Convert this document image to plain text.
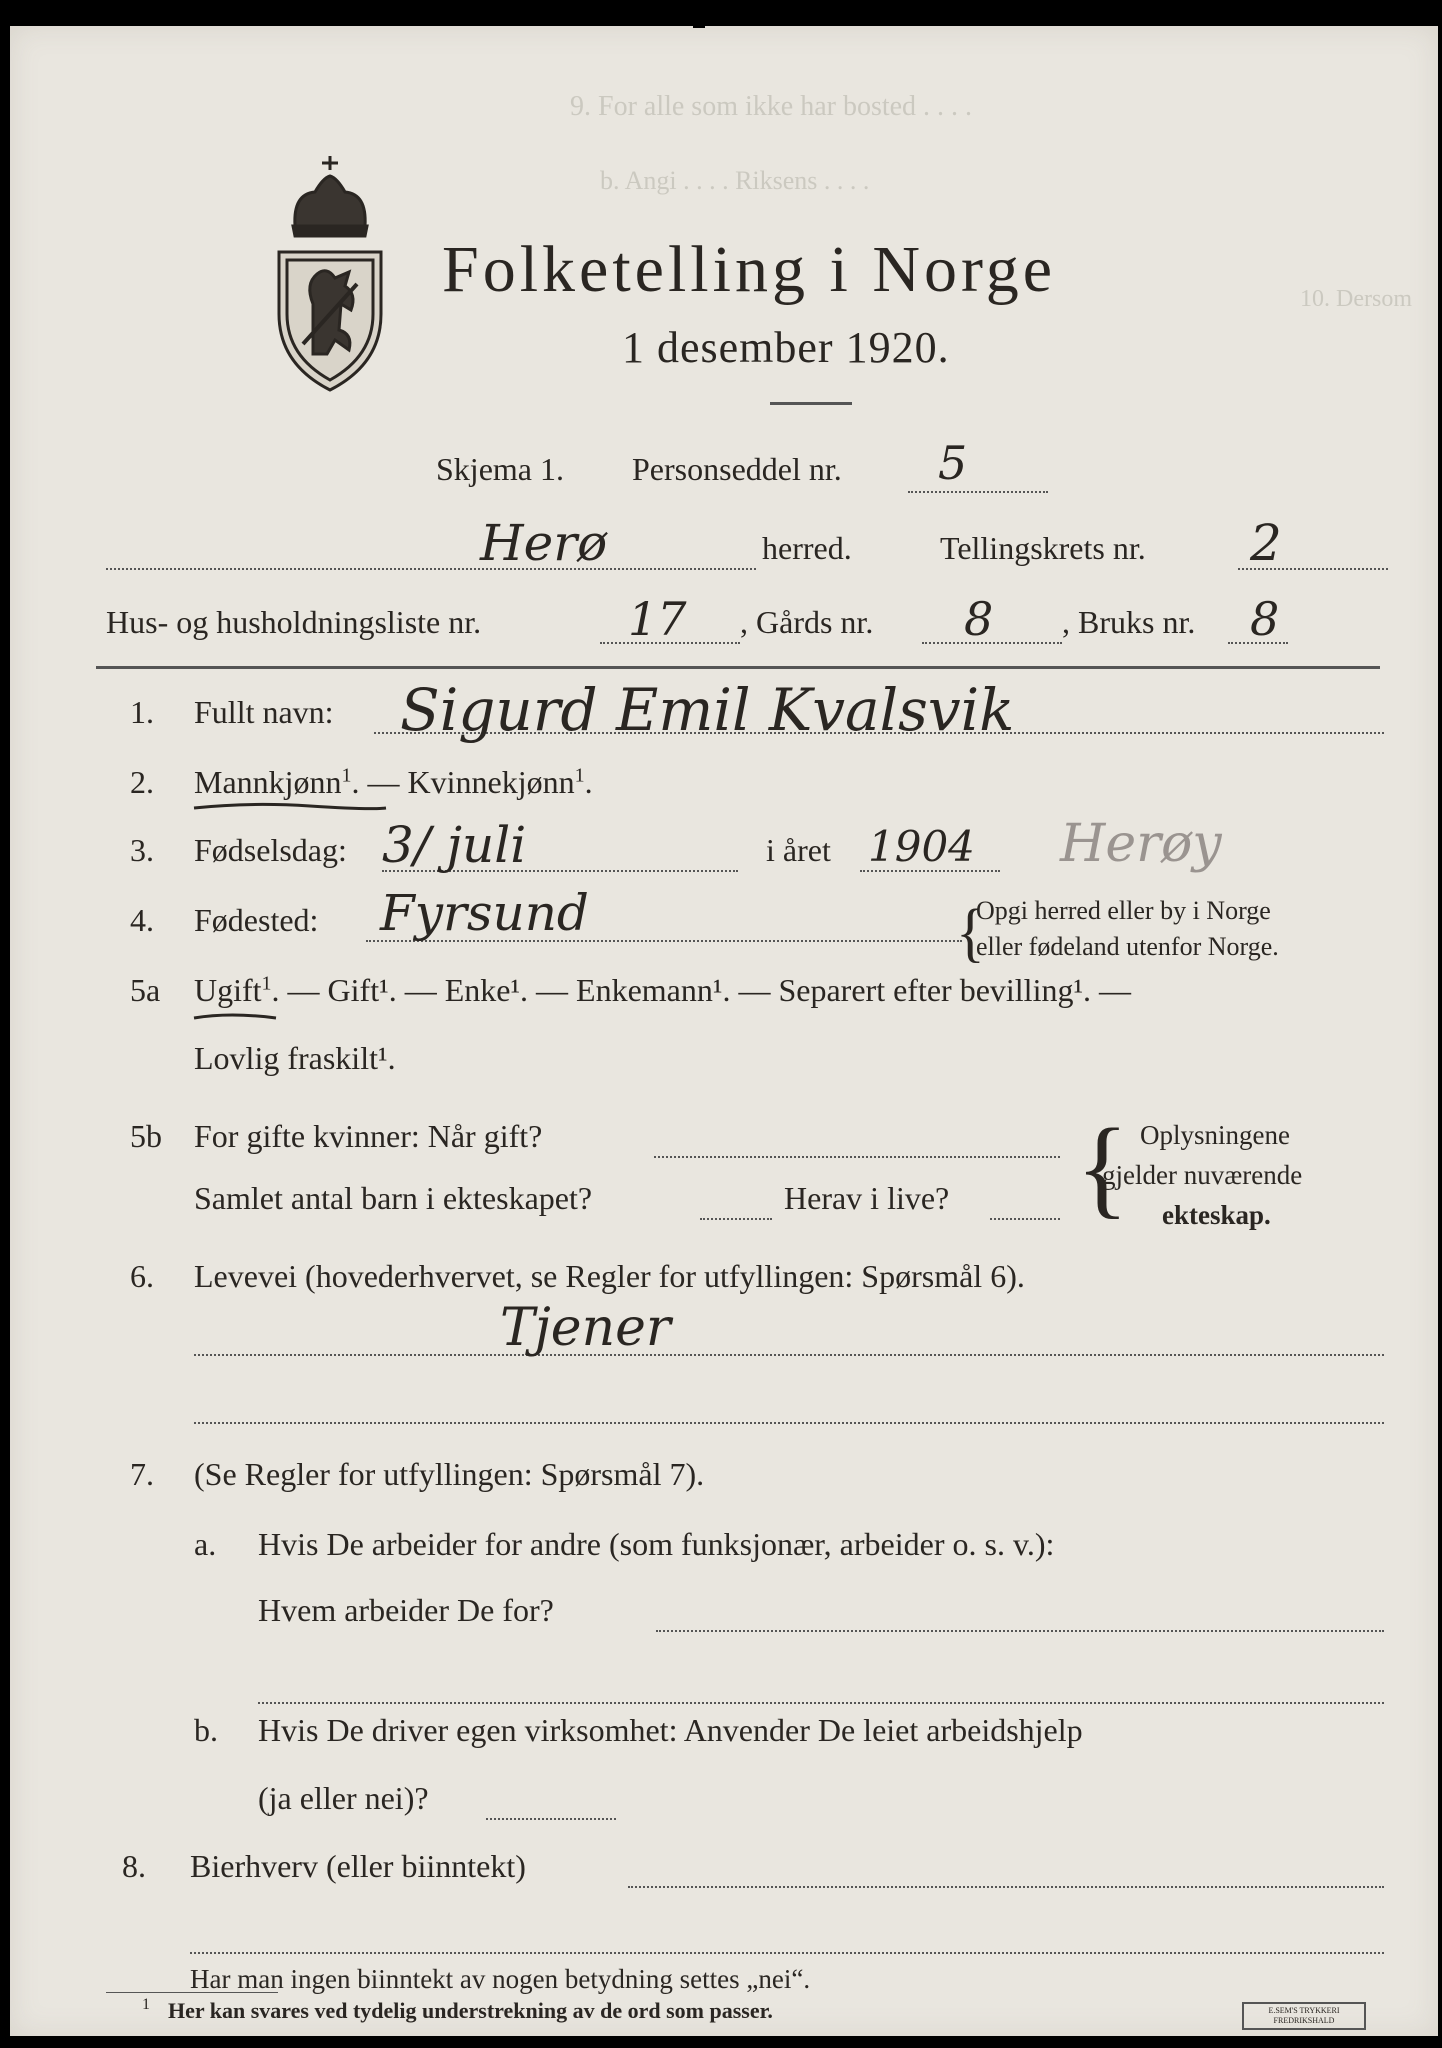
9. For alle som ikke har bosted . . . .
b. Angi . . . . Riksens . . . .
10. Dersom
Folketelling i Norge
1 desember 1920.
Skjema 1. Personseddel nr. 5
Herø	herred.	Tellingskrets nr. 2
Hus- og husholdningsliste nr.	17 , Gårds nr. 8 , Bruks nr. 8
1. Fullt navn: Sigurd Emil Kvalsvik
2. Mannkjønn$^1$. — Kvinnekjønn$^1$.
3. Fødselsdag: 3/ juli	i året 1904 Herøy
4. Fødested: Fyrsund	{
Opgi herred eller by i Norge
eller fødeland utenfor Norge.
5a Ugift$^1$. — Gift¹. — Enke¹. — Enkemann¹. — Separert efter bevilling¹. —
Lovlig fraskilt¹.
5b For gifte kvinner: Når gift?
Samlet antal barn i ekteskapet?	Herav i live? { Oplysningene
gjelder nuværende
ekteskap.
6. Levevei (hovederhvervet, se Regler for utfyllingen: Spørsmål 6).
Tjener
7. (Se Regler for utfyllingen: Spørsmål 7).
a. Hvis De arbeider for andre (som funksjonær, arbeider o. s. v.):
Hvem arbeider De for?
b. Hvis De driver egen virksomhet: Anvender De leiet arbeidshjelp
(ja eller nei)?
8. Bierhverv (eller biinntekt)
Har man ingen biinntekt av nogen betydning settes „nei“.
1 Her kan svares ved tydelig understrekning av de ord som passer.	E.SEM'S TRYKKERI
FREDRIKSHALD
